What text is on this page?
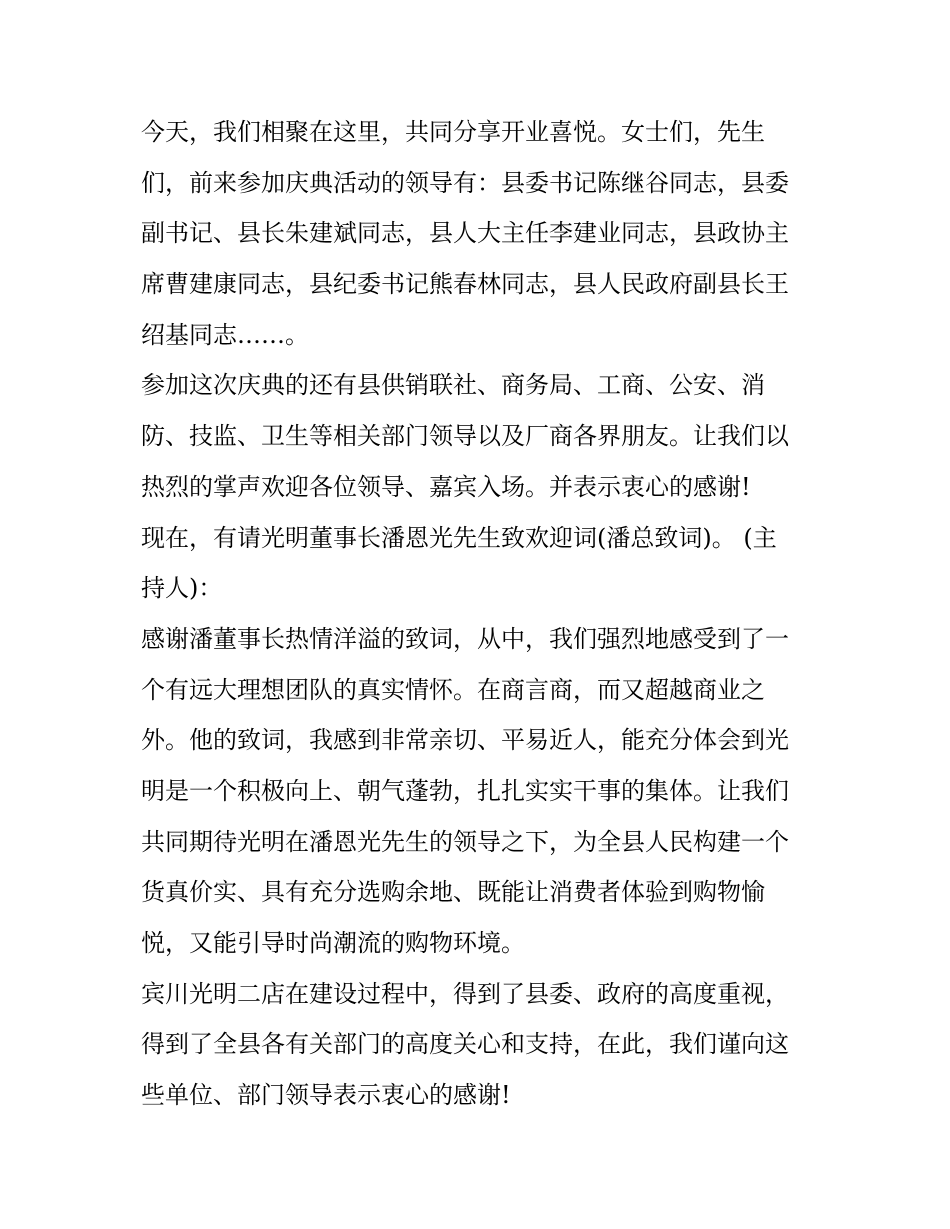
今天，我们相聚在这里，共同分享开业喜悦。女士们，先生
们，前来参加庆典活动的领导有：县委书记陈继谷同志，县委
副书记、县长朱建斌同志，县人大主任李建业同志，县政协主
席曹建康同志，县纪委书记熊春林同志，县人民政府副县长王
绍基同志……。
参加这次庆典的还有县供销联社、商务局、工商、公安、消
防、技监、卫生等相关部门领导以及厂商各界朋友。让我们以
热烈的掌声欢迎各位领导、嘉宾入场。并表示衷心的感谢!
现在，有请光明董事长潘恩光先生致欢迎词(潘总致词)。 (主
持人)：
感谢潘董事长热情洋溢的致词，从中，我们强烈地感受到了一
个有远大理想团队的真实情怀。在商言商，而又超越商业之
外。他的致词，我感到非常亲切、平易近人，能充分体会到光
明是一个积极向上、朝气蓬勃，扎扎实实干事的集体。让我们
共同期待光明在潘恩光先生的领导之下，为全县人民构建一个
货真价实、具有充分选购余地、既能让消费者体验到购物愉
悦，又能引导时尚潮流的购物环境。
宾川光明二店在建设过程中，得到了县委、政府的高度重视，
得到了全县各有关部门的高度关心和支持，在此，我们谨向这
些单位、部门领导表示衷心的感谢!
